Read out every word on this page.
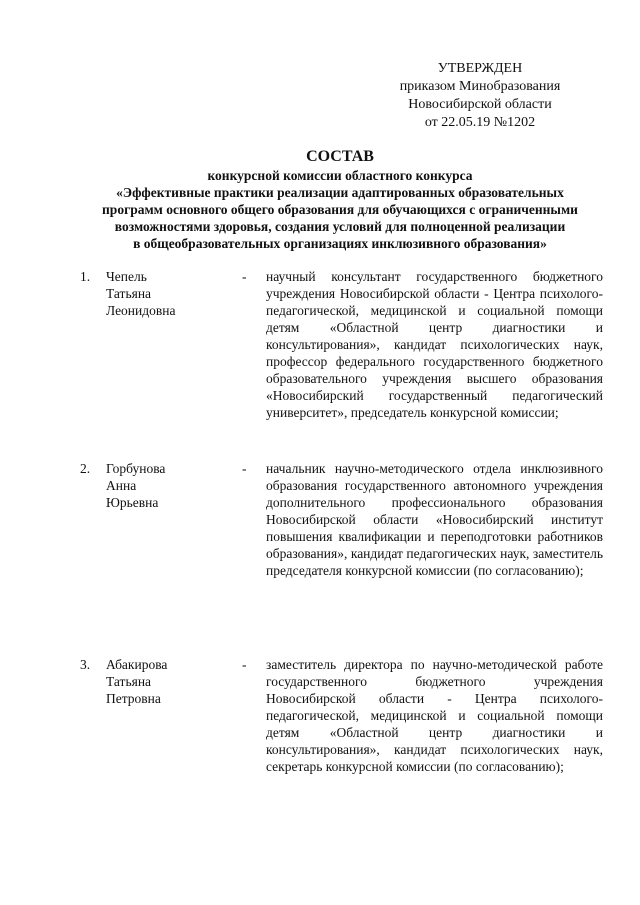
УТВЕРЖДЕН
приказом Минобразования
Новосибирской области
от 22.05.19 №1202
СОСТАВ
конкурсной комиссии областного конкурса
«Эффективные практики реализации адаптированных образовательных
программ основного общего образования для обучающихся с ограниченными
возможностями здоровья, создания условий для полноценной реализации
в общеобразовательных организациях инклюзивного образования»
1. Чепель
Татьяна
Леонидовна
- научный консультант государственного бюджетного учреждения Новосибирской области - Центра психолого-педагогической, медицинской и социальной помощи детям «Областной центр диагностики и консультирования», кандидат психологических наук, профессор федерального государственного бюджетного образовательного учреждения высшего образования «Новосибирский государственный педагогический университет», председатель конкурсной комиссии;
2. Горбунова
Анна
Юрьевна
- начальник научно-методического отдела инклюзивного образования государственного автономного учреждения дополнительного профессионального образования Новосибирской области «Новосибирский институт повышения квалификации и переподготовки работников образования», кандидат педагогических наук, заместитель председателя конкурсной комиссии (по согласованию);
3. Абакирова
Татьяна
Петровна
- заместитель директора по научно-методической работе государственного бюджетного учреждения Новосибирской области - Центра психолого-педагогической, медицинской и социальной помощи детям «Областной центр диагностики и консультирования», кандидат психологических наук, секретарь конкурсной комиссии (по согласованию);
